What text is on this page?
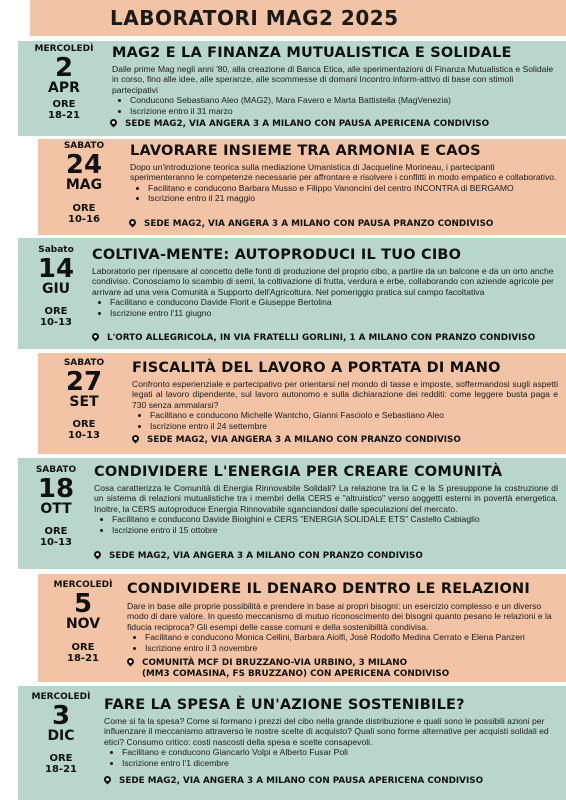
LABORATORI MAG2 2025
MERCOLEDÌ
2
APR
ORE
18-21
MAG2 E LA FINANZA MUTUALISTICA E SOLIDALE

Dalle prime Mag negli anni '80, alla creazione di Banca Etica, alle sperimentazioni di Finanza Mutualistica e Solidale in corso, fino alle idee, alle speranze, alle scommesse di domani Incontro inform-attivo di base con stimoli partecipativi

• Conducono Sebastiano Aleo (MAG2), Mara Favero e Marta Battistella (MagVenezia)
• Iscrizione entro il 31 marzo
SEDE MAG2, VIA ANGERA 3 A MILANO CON PAUSA APERICENA CONDIVISO
SABATO
24
MAG
ORE
10-16
LAVORARE INSIEME TRA ARMONIA E CAOS

Dopo un'introduzione teorica sulla mediazione Umanistica di Jacqueline Morineau, i partecipanti sperimenteranno le competenze necessarie per affrontare e risolvere i conflitti in modo empatico e collaborativo.

• Facilitano e conducono Barbara Musso e Filippo Vanoncini del centro INCONTRA di BERGAMO
• Iscrizione entro il 21 maggio
SEDE MAG2, VIA ANGERA 3 A MILANO CON PAUSA PRANZO CONDIVISO
Sabato
14
GIU
ORE
10-13
COLTIVA-MENTE: AUTOPRODUCI IL TUO CIBO

Laboratorio per ripensare al concetto delle fonti di produzione del proprio cibo, a partire da un balcone e da un orto anche condiviso. Conosciamo lo scambio di semi, la coltivazione di frutta, verdura e erbe, collaborando con aziende agricole per arrivare ad una vera Comunità a Supporto dell'Agricoltura. Nel pomeriggio pratica sul campo facoltativa

• Facilitano e conducono Davide Florit e Giuseppe Bertolina
• Iscrizione entro l'11 giugno
L'ORTO ALLEGRICOLA, IN VIA FRATELLI GORLINI, 1 A MILANO CON PRANZO CONDIVISO
SABATO
27
SET
ORE
10-13
FISCALITÀ DEL LAVORO A PORTATA DI MANO

Confronto esperienziale e partecipativo per orientarsi nel mondo di tasse e imposte, soffermandosi sugli aspetti legati al lavoro dipendente, sul lavoro autonomo e sulla dichiarazione dei redditi: come leggere busta paga e 730 senza ammalarsi?

• Facilitano e conducono Michelle Wantcho, Gianni Fasciolo e Sebastiano Aleo
• Iscrizione entro il 24 settembre
SEDE MAG2, VIA ANGERA 3 A MILANO CON PRANZO CONDIVISO
SABATO
18
OTT
ORE
10-13
CONDIVIDERE L'ENERGIA PER CREARE COMUNITÀ

Cosa caratterizza le Comunità di Energia Rinnovabile Solidali? La relazione tra la C e la S presuppone la costruzione di un sistema di relazioni mutualistiche tra i membri della CERS e "altruistico" verso soggetti esterni in povertà energetica. Inoltre, la CERS autoproduce Energia Rinnovabile sganciandosi dalle speculazioni del mercato.

• Facilitano e conducono Davide Bioighini e CERS "ENERGIA SOLIDALE ETS" Castello Cabiaglio
• Iscrizione entro il 15 ottobre
SEDE MAG2, VIA ANGERA 3 A MILANO CON PRANZO CONDIVISO
MERCOLEDÌ
5
NOV
ORE
18-21
CONDIVIDERE IL DENARO DENTRO LE RELAZIONI

Dare in base alle proprie possibilità e prendere in base ai propri bisogni: un esercizio complesso e un diverso modo di dare valore. In questo meccanismo di mutuo riconoscimento dei bisogni quanto pesano le relazioni e la fiducia reciproca? Gli esempi delle casse comuni e della sostenibilità condivisa.

• Facilitano e conducono Monica Cellini, Barbara Aiolfi, Josè Rodolfo Medina Cerrato e Elena Panzeri
• Iscrizione entro il 3 novembre
COMUNITÀ MCF DI BRUZZANO-VIA URBINO, 3 MILANO
(MM3 COMASINA, FS BRUZZANO) CON APERICENA CONDIVISO
MERCOLEDÌ
3
DIC
ORE
18-21
FARE LA SPESA È UN'AZIONE SOSTENIBILE?

Come si fa la spesa? Come si formano i prezzi del cibo nella grande distribuzione e quali sono le possibili azioni per influenzare il meccanismo attraverso le nostre scelte di acquisto? Quali sono forme alternative per acquisti solidali ed etici? Consumo critico: costi nascosti della spesa e scelte consapevoli.

• Facilitano e conducono Giancarlo Volpi e Alberto Fusar Poli
• Iscrizione entro l'1 dicembre
SEDE MAG2, VIA ANGERA 3 A MILANO CON PAUSA APERICENA CONDIVISO
